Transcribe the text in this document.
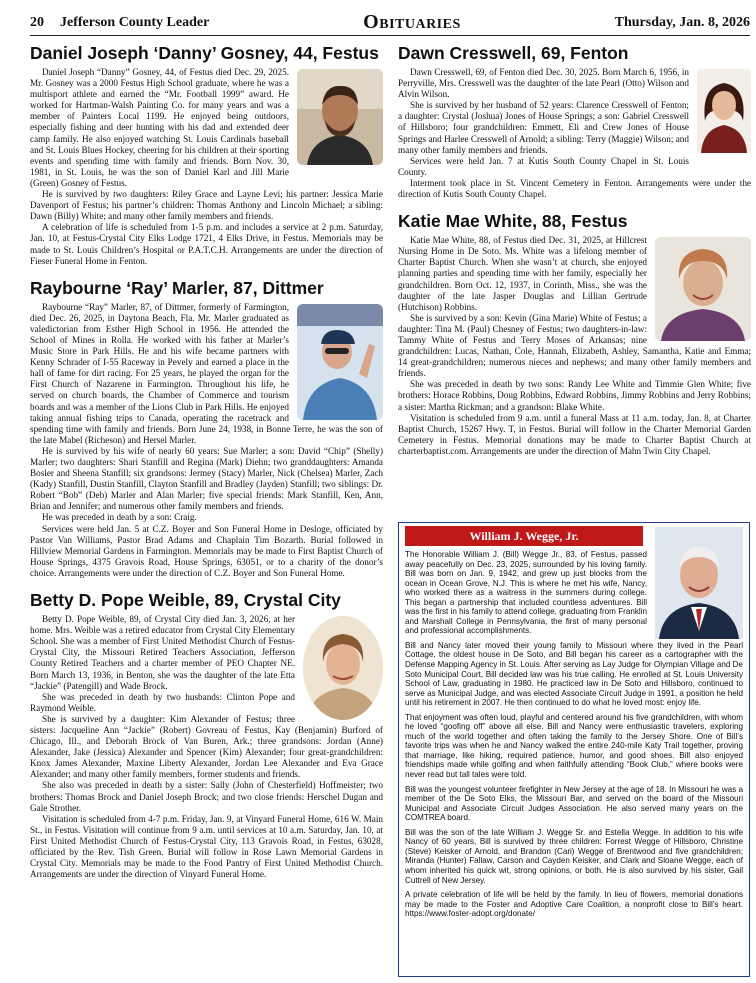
20 Jefferson County Leader	Obituaries	Thursday, Jan. 8, 2026
Daniel Joseph ‘Danny’ Gosney, 44, Festus

Daniel Joseph “Danny” Gosney, 44, of Festus died Dec. 29, 2025. Mr. Gosney was a 2000 Festus High School graduate, where he was a multisport athlete and earned the “Mr. Football 1999” award. He worked for Hartman-Walsh Painting Co. for many years and was a member of Painters Local 1199. He enjoyed being outdoors, especially fishing and deer hunting with his dad and extended deer camp family. He also enjoyed watching St. Louis Cardinals baseball and St. Louis Blues Hockey, cheering for his children at their sporting events and spending time with family and friends. Born Nov. 30, 1981, in St. Louis, he was the son of Daniel Karl and Jill Marie (Green) Gosney of Festus.

He is survived by two daughters: Riley Grace and Layne Levi; his partner: Jessica Marie Davenport of Festus; his partner’s children: Thomas Anthony and Lincoln Michael; a sibling: Dawn (Billy) White; and many other family members and friends.

A celebration of life is scheduled from 1-5 p.m. and includes a service at 2 p.m. Saturday, Jan. 10, at Festus-Crystal City Elks Lodge 1721, 4 Elks Drive, in Festus. Memorials may be made to St. Louis Children’s Hospital or P.A.T.C.H. Arrangements are under the direction of Fieser Funeral Home in Fenton.

Raybourne ‘Ray’ Marler, 87, Dittmer

Raybourne “Ray” Marler, 87, of Dittmer, formerly of Farmington, died Dec. 26, 2025, in Daytona Beach, Fla. Mr. Marler graduated as valedictorian from Esther High School in 1956. He attended the School of Mines in Rolla. He worked with his father at Marler’s Music Store in Park Hills. He and his wife became partners with Kenny Schrader of I-55 Raceway in Pevely and earned a place in the hall of fame for dirt racing. For 25 years, he played the organ for the First Church of Nazarene in Farmington. Throughout his life, he served on church boards, the Chamber of Commerce and tourism boards and was a member of the Lions Club in Park Hills. He enjoyed taking annual fishing trips to Canada, operating the racetrack and spending time with family and friends. Born June 24, 1938, in Bonne Terre, he was the son of the late Mabel (Richeson) and Hersel Marler.

He is survived by his wife of nearly 60 years: Sue Marler; a son: David “Chip” (Shelly) Marler; two daughters: Shari Stanfill and Regina (Mark) Diehn; two granddaughters: Amanda Bosler and Sheena Stanfill; six grandsons: Jermey (Stacy) Marler, Nick (Chelsea) Marler, Zach (Kady) Stanfill, Dustin Stanfill, Clayton Stanfill and Bradley (Jayden) Stanfill; two siblings: Dr. Robert “Bob” (Deb) Marler and Alan Marler; five special friends: Mark Stanfill, Ken, Ann, Brian and Jennifer; and numerous other family members and friends.

He was preceded in death by a son: Craig.

Services were held Jan. 5 at C.Z. Boyer and Son Funeral Home in Desloge, officiated by Pastor Van Williams, Pastor Brad Adams and Chaplain Tim Bozarth. Burial followed in Hillview Memorial Gardens in Farmington. Memorials may be made to First Baptist Church of House Springs, 4375 Gravois Road, House Springs, 63051, or to a charity of the donor’s choice. Arrangements were under the direction of C.Z. Boyer and Son Funeral Home.

Betty D. Pope Weible, 89, Crystal City

Betty D. Pope Weible, 89, of Crystal City died Jan. 3, 2026, at her home. Mrs. Weible was a retired educator from Crystal City Elementary School. She was a member of First United Methodist Church of Festus-Crystal City, the Missouri Retired Teachers Association, Jefferson County Retired Teachers and a charter member of PEO Chapter NE. Born March 13, 1936, in Benton, she was the daughter of the late Etta “Jackie” (Patengill) and Wade Brock.

She was preceded in death by two husbands: Clinton Pope and Raymond Weible.

She is survived by a daughter: Kim Alexander of Festus; three sisters: Jacqueline Ann “Jackie” (Robert) Govreau of Festus, Kay (Benjamin) Burford of Chicago, Ill., and Deborah Brock of Van Buren, Ark.; three grandsons: Jordan (Anne) Alexander, Jake (Jessica) Alexander and Spencer (Kim) Alexander; four great-grandchildren: Knox James Alexander, Maxine Liberty Alexander, Jordan Lee Alexander and Eva Grace Alexander; and many other family members, former students and friends.

She also was preceded in death by a sister: Sally (John of Chesterfield) Hoffmeister; two brothers: Thomas Brock and Daniel Joseph Brock; and two close friends: Herschel Dugan and Gale Strother.

Visitation is scheduled from 4-7 p.m. Friday, Jan. 9, at Vinyard Funeral Home, 616 W. Main St., in Festus. Visitation will continue from 9 a.m. until services at 10 a.m. Saturday, Jan. 10, at First United Methodist Church of Festus-Crystal City, 113 Gravois Road, in Festus, 63028, officiated by the Rev. Tish Green. Burial will follow in Rose Lawn Memorial Gardens in Crystal City. Memorials may be made to the Food Pantry of First United Methodist Church. Arrangements are under the direction of Vinyard Funeral Home.

Dawn Cresswell, 69, Fenton

Dawn Cresswell, 69, of Fenton died Dec. 30, 2025. Born March 6, 1956, in Perryville, Mrs. Cresswell was the daughter of the late Pearl (Otto) Wilson and Alvin Wilson.

She is survived by her husband of 52 years: Clarence Cresswell of Fenton; a daughter: Crystal (Joshua) Jones of House Springs; a son: Gabriel Cresswell of Hillsboro; four grandchildren: Emmett, Eli and Crew Jones of House Springs and Harlee Cresswell of Arnold; a sibling: Terry (Maggie) Wilson; and many other family members and friends.

Services were held Jan. 7 at Kutis South County Chapel in St. Louis County.

Interment took place in St. Vincent Cemetery in Fenton. Arrangements were under the direction of Kutis South County Chapel.

Katie Mae White, 88, Festus

Katie Mae White, 88, of Festus died Dec. 31, 2025, at Hillcrest Nursing Home in De Soto. Ms. White was a lifelong member of Charter Baptist Church. When she wasn’t at church, she enjoyed planning parties and spending time with her family, especially her grandchildren. Born Oct. 12, 1937, in Corinth, Miss., she was the daughter of the late Jasper Douglas and Lillian Gertrude (Hutchison) Robbins.

She is survived by a son: Kevin (Gina Marie) White of Festus; a daughter: Tina M. (Paul) Chesney of Festus; two daughters-in-law: Tammy White of Festus and Terry Moses of Arkansas; nine grandchildren: Lucas, Nathan, Cole, Hannah, Elizabeth, Ashley, Samantha, Katie and Emma; 14 great-grandchildren; numerous nieces and nephews; and many other family members and friends.

She was preceded in death by two sons: Randy Lee White and Timmie Glen White; five brothers: Horace Robbins, Doug Robbins, Edward Robbins, Jimmy Robbins and Jerry Robbins; a sister: Martha Rickman; and a grandson: Blake White.

Visitation is scheduled from 9 a.m. until a funeral Mass at 11 a.m. today, Jan. 8, at Charter Baptist Church, 15267 Hwy. T, in Festus. Burial will follow in the Charter Memorial Garden Cemetery in Festus. Memorial donations may be made to Charter Baptist Church at charterbaptist.com. Arrangements are under the direction of Mahn Twin City Chapel.

William J. Wegge, Jr.

The Honorable William J. (Bill) Wegge Jr., 83, of Festus, passed away peacefully on Dec. 23, 2025, surrounded by his loving family. Bill was born on Jan. 9, 1942, and grew up just blocks from the ocean in Ocean Grove, N.J. This is where he met his wife, Nancy, who worked there as a waitress in the summers during college. This began a partnership that included countless adventures. Bill was the first in his family to attend college, graduating from Franklin and Marshall College in Pennsylvania, the first of many personal and professional accomplishments.

Bill and Nancy later moved their young family to Missouri where they lived in the Pearl Cottage, the oldest house in De Soto, and Bill began his career as a cartographer with the Defense Mapping Agency in St. Louis. After serving as Lay Judge for Olympian Village and De Soto Municipal Court, Bill decided law was his true calling. He enrolled at St. Louis University School of Law, graduating in 1980. He practiced law in De Soto and Hillsboro, continued to serve as Municipal Judge, and was elected Associate Circuit Judge in 1991, a position he held until his retirement in 2007. He then continued to do what he loved most: enjoy life.

That enjoyment was often loud, playful and centered around his five grandchildren, with whom he loved “goofing off” above all else. Bill and Nancy were enthusiastic travelers, exploring much of the world together and often taking the family to the Jersey Shore. One of Bill’s favorite trips was when he and Nancy walked the entire 240-mile Katy Trail together, proving that marriage, like hiking, required patience, humor, and good shoes. Bill also enjoyed friendships made while golfing and when faithfully attending “Book Club,” where books were never read but tall tales were told.

Bill was the youngest volunteer firefighter in New Jersey at the age of 18. In Missouri he was a member of the De Soto Elks, the Missouri Bar, and served on the board of the Missouri Municipal and Associate Circuit Judges Association. He also served many years on the COMTREA board.

Bill was the son of the late William J. Wegge Sr. and Estella Wegge. In addition to his wife Nancy of 60 years, Bill is survived by three children: Forrest Wegge of Hillsboro, Christine (Steve) Keisker of Arnold, and Brandon (Cari) Wegge of Brentwood and five grandchildren; Miranda (Hunter) Fallaw, Carson and Cayden Keisker, and Clark and Sloane Wegge, each of whom inherited his quick wit, strong opinions, or both. He is also survived by his sister, Gail Cuttrell of New Jersey.

A private celebration of life will be held by the family. In lieu of flowers, memorial donations may be made to the Foster and Adoptive Care Coalition, a nonprofit close to Bill’s heart. https://www.foster-adopt.org/donate/
